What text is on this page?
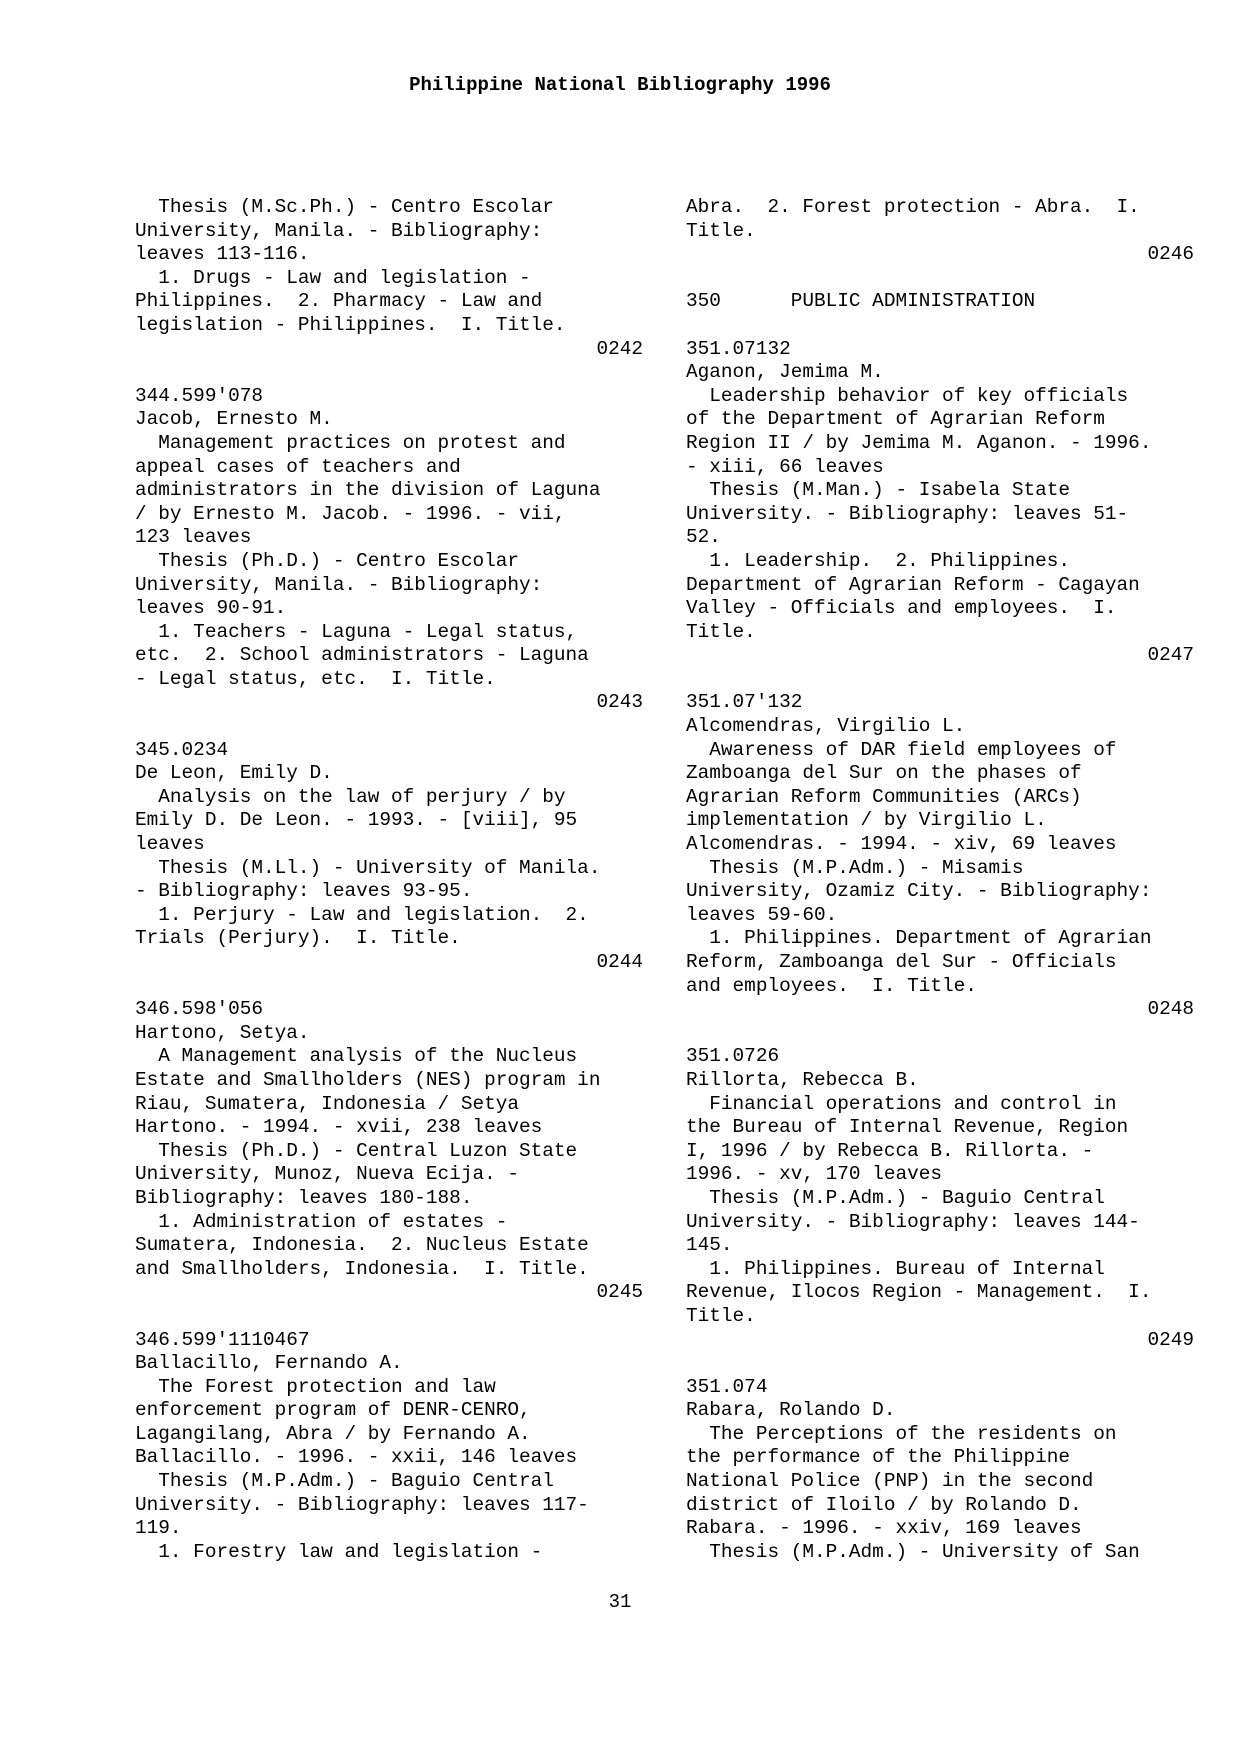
Philippine National Bibliography 1996
Thesis (M.Sc.Ph.) - Centro Escolar
University, Manila. - Bibliography:
leaves 113-116.
1. Drugs - Law and legislation -
Philippines.  2. Pharmacy - Law and
legislation - Philippines.  I. Title.
0242
344.599'078
Jacob, Ernesto M.
Management practices on protest and
appeal cases of teachers and
administrators in the division of Laguna
/ by Ernesto M. Jacob. - 1996. - vii,
123 leaves
Thesis (Ph.D.) - Centro Escolar
University, Manila. - Bibliography:
leaves 90-91.
1. Teachers - Laguna - Legal status,
etc.  2. School administrators - Laguna
- Legal status, etc.  I. Title.
0243
345.0234
De Leon, Emily D.
Analysis on the law of perjury / by
Emily D. De Leon. - 1993. - [viii], 95
leaves
Thesis (M.Ll.) - University of Manila.
- Bibliography: leaves 93-95.
1. Perjury - Law and legislation.  2.
Trials (Perjury).  I. Title.
0244
346.598'056
Hartono, Setya.
A Management analysis of the Nucleus
Estate and Smallholders (NES) program in
Riau, Sumatera, Indonesia / Setya
Hartono. - 1994. - xvii, 238 leaves
Thesis (Ph.D.) - Central Luzon State
University, Munoz, Nueva Ecija. -
Bibliography: leaves 180-188.
1. Administration of estates -
Sumatera, Indonesia.  2. Nucleus Estate
and Smallholders, Indonesia.  I. Title.
0245
346.599'1110467
Ballacillo, Fernando A.
The Forest protection and law
enforcement program of DENR-CENRO,
Lagangilang, Abra / by Fernando A.
Ballacillo. - 1996. - xxii, 146 leaves
Thesis (M.P.Adm.) - Baguio Central
University. - Bibliography: leaves 117-
119.
1. Forestry law and legislation -
Abra.  2. Forest protection - Abra.  I.
Title.
0246
350      PUBLIC ADMINISTRATION
351.07132
Aganon, Jemima M.
Leadership behavior of key officials
of the Department of Agrarian Reform
Region II / by Jemima M. Aganon. - 1996.
- xiii, 66 leaves
Thesis (M.Man.) - Isabela State
University. - Bibliography: leaves 51-
52.
1. Leadership.  2. Philippines.
Department of Agrarian Reform - Cagayan
Valley - Officials and employees.  I.
Title.
0247
351.07'132
Alcomendras, Virgilio L.
Awareness of DAR field employees of
Zamboanga del Sur on the phases of
Agrarian Reform Communities (ARCs)
implementation / by Virgilio L.
Alcomendras. - 1994. - xiv, 69 leaves
Thesis (M.P.Adm.) - Misamis
University, Ozamiz City. - Bibliography:
leaves 59-60.
1. Philippines. Department of Agrarian
Reform, Zamboanga del Sur - Officials
and employees.  I. Title.
0248
351.0726
Rillorta, Rebecca B.
Financial operations and control in
the Bureau of Internal Revenue, Region
I, 1996 / by Rebecca B. Rillorta. -
1996. - xv, 170 leaves
Thesis (M.P.Adm.) - Baguio Central
University. - Bibliography: leaves 144-
145.
1. Philippines. Bureau of Internal
Revenue, Ilocos Region - Management.  I.
Title.
0249
351.074
Rabara, Rolando D.
The Perceptions of the residents on
the performance of the Philippine
National Police (PNP) in the second
district of Iloilo / by Rolando D.
Rabara. - 1996. - xxiv, 169 leaves
Thesis (M.P.Adm.) - University of San
31
